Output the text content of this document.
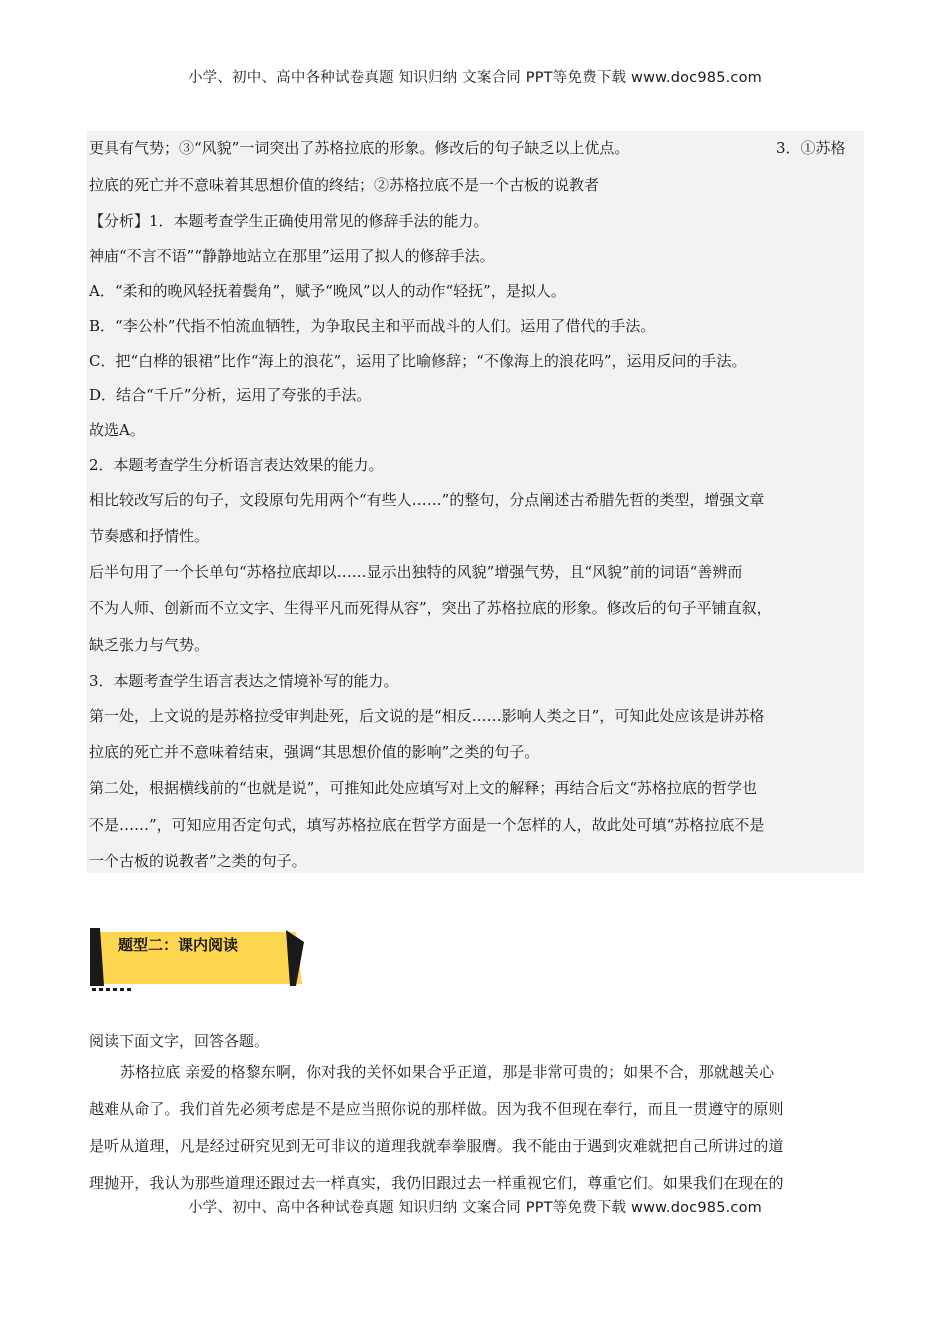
小学、初中、高中各种试卷真题 知识归纳 文案合同 PPT等免费下载 www.doc985.com
更具有气势；③“风貌”一词突出了苏格拉底的形象。修改后的句子缺乏以上优点。	3．①苏格
拉底的死亡并不意味着其思想价值的终结；②苏格拉底不是一个古板的说教者
【分析】1．本题考查学生正确使用常见的修辞手法的能力。
神庙“不言不语”“静静地站立在那里”运用了拟人的修辞手法。
A．“柔和的晚风轻抚着鬓角”，赋予“晚风”以人的动作“轻抚”，是拟人。
B．“李公朴”代指不怕流血牺牲，为争取民主和平而战斗的人们。运用了借代的手法。
C．把“白桦的银裙”比作“海上的浪花”，运用了比喻修辞；“不像海上的浪花吗”，运用反问的手法。
D．结合“千斤”分析，运用了夸张的手法。
故选A。
2．本题考查学生分析语言表达效果的能力。
相比较改写后的句子，文段原句先用两个“有些人……”的整句，分点阐述古希腊先哲的类型，增强文章
节奏感和抒情性。
后半句用了一个长单句“苏格拉底却以……显示出独特的风貌”增强气势，且“风貌”前的词语“善辨而
不为人师、创新而不立文字、生得平凡而死得从容”，突出了苏格拉底的形象。修改后的句子平铺直叙，
缺乏张力与气势。
3．本题考查学生语言表达之情境补写的能力。
第一处，上文说的是苏格拉受审判赴死，后文说的是“相反……影响人类之日”，可知此处应该是讲苏格
拉底的死亡并不意味着结束，强调“其思想价值的影响”之类的句子。
第二处，根据横线前的“也就是说”，可推知此处应填写对上文的解释；再结合后文“苏格拉底的哲学也
不是……”，可知应用否定句式，填写苏格拉底在哲学方面是一个怎样的人，故此处可填“苏格拉底不是
一个古板的说教者”之类的句子。
题型二：课内阅读
阅读下面文字，回答各题。
苏格拉底 亲爱的格黎东啊，你对我的关怀如果合乎正道，那是非常可贵的；如果不合，那就越关心
越难从命了。我们首先必须考虑是不是应当照你说的那样做。因为我不但现在奉行，而且一贯遵守的原则
是听从道理，凡是经过研究见到无可非议的道理我就奉拳服膺。我不能由于遇到灾难就把自己所讲过的道
理抛开，我认为那些道理还跟过去一样真实，我仍旧跟过去一样重视它们，尊重它们。如果我们在现在的
小学、初中、高中各种试卷真题 知识归纳 文案合同 PPT等免费下载 www.doc985.com
